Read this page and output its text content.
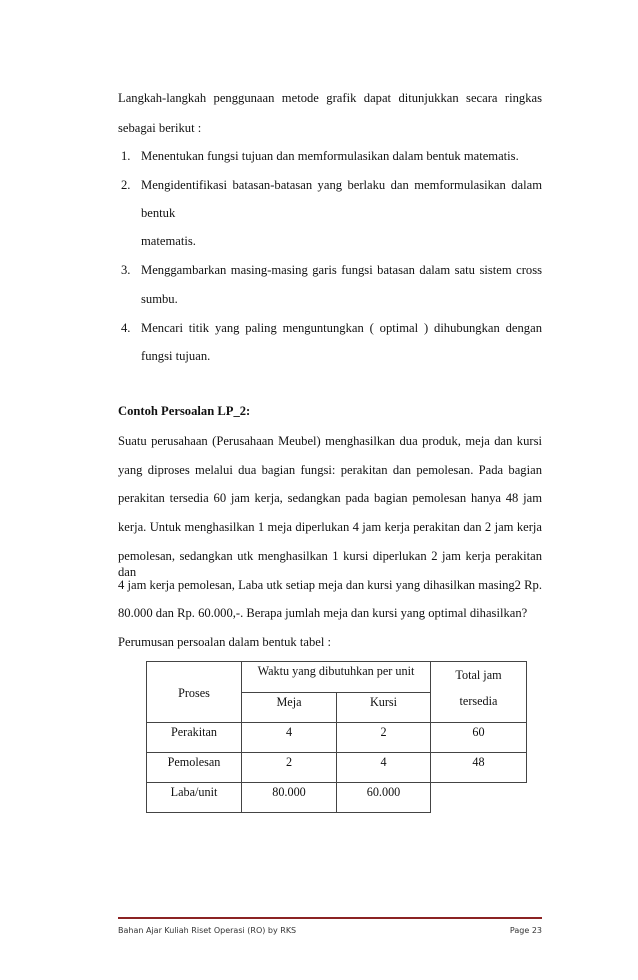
Langkah-langkah penggunaan metode grafik dapat ditunjukkan secara ringkas

sebagai berikut :

1. Menentukan fungsi tujuan dan memformulasikan dalam bentuk matematis.
2. Mengidentifikasi batasan-batasan yang berlaku dan memformulasikan dalam
bentuk
matematis.
3. Menggambarkan masing-masing garis fungsi batasan dalam satu sistem cross
sumbu.
4. Mencari titik yang paling menguntungkan ( optimal ) dihubungkan dengan
fungsi tujuan.

Contoh Persoalan LP_2:

Suatu perusahaan (Perusahaan Meubel) menghasilkan dua produk, meja dan kursi

yang diproses melalui dua bagian fungsi: perakitan dan pemolesan. Pada bagian

perakitan tersedia 60 jam kerja, sedangkan pada bagian pemolesan hanya 48 jam

kerja. Untuk menghasilkan 1 meja diperlukan 4 jam kerja perakitan dan 2 jam kerja

pemolesan, sedangkan utk menghasilkan 1 kursi diperlukan 2 jam kerja perakitan dan

4 jam kerja pemolesan, Laba utk setiap meja dan kursi yang dihasilkan masing2 Rp.

80.000 dan Rp. 60.000,-. Berapa jumlah meja dan kursi yang optimal dihasilkan?

Perumusan persoalan dalam bentuk tabel :

Proses	Waktu yang dibutuhkan per unit		Total jam
tersedia
	Meja	Kursi	
Perakitan	4	2	60
Pemolesan	2	4	48
Laba/unit	80.000	60.000	
Bahan Ajar Kuliah Riset Operasi (RO) by RKS	Page 23
